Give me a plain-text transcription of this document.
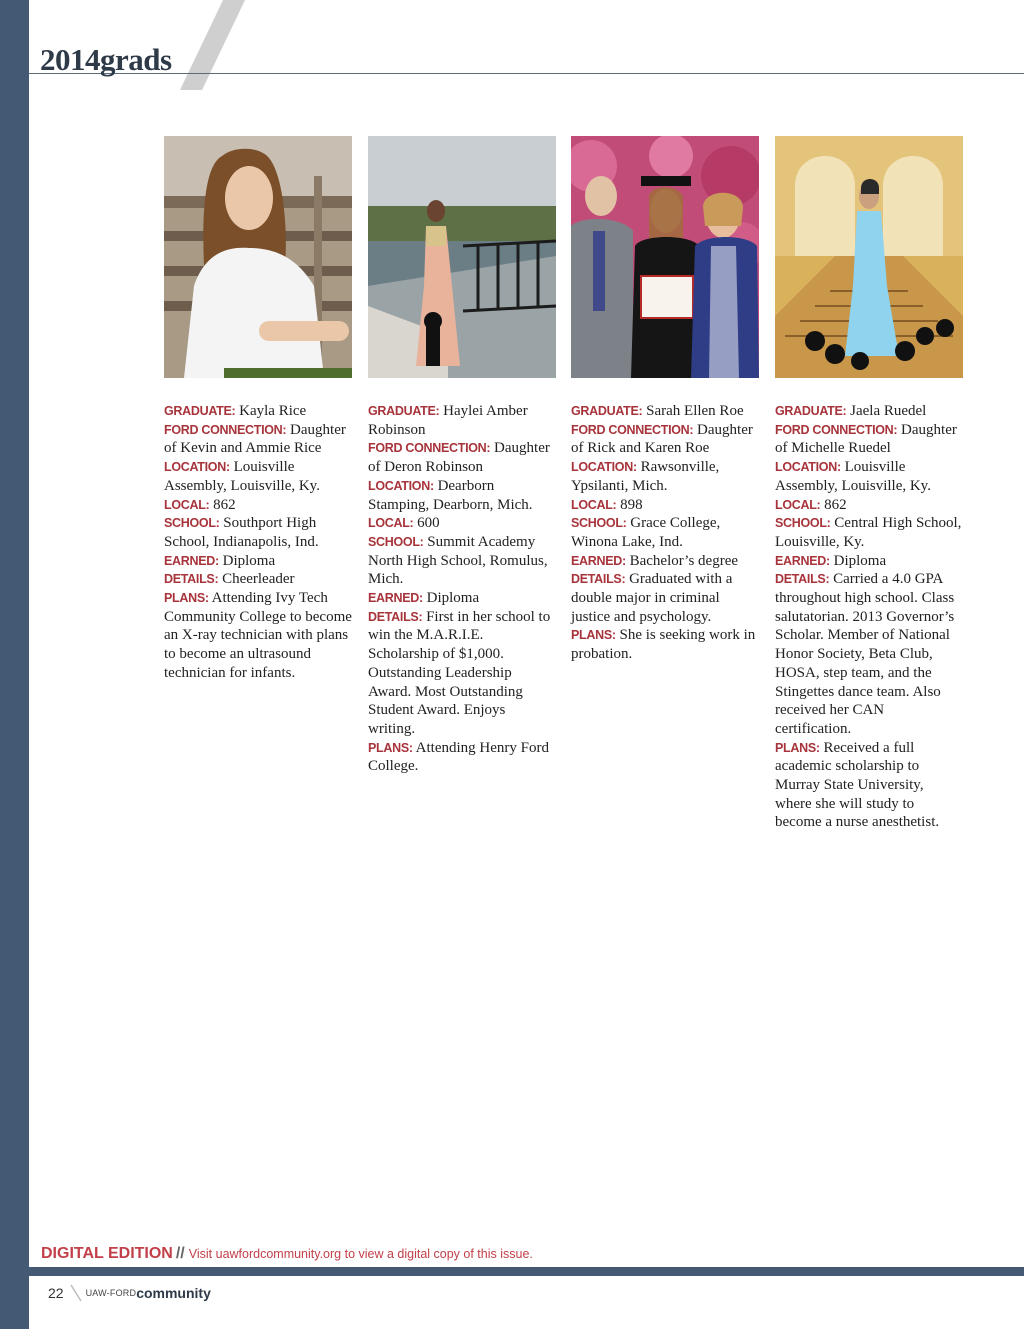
2014grads

GRADUATE: Kayla Rice

FORD CONNECTION: Daughter of Kevin and Ammie Rice

LOCATION: Louisville Assembly, Louisville, Ky.

LOCAL: 862

SCHOOL: Southport High School, Indianapolis, Ind.

EARNED: Diploma

DETAILS: Cheerleader

PLANS: Attending Ivy Tech Community College to become an X-ray technician with plans to become an ultrasound technician for infants.

GRADUATE: Haylei Amber Robinson

FORD CONNECTION: Daughter of Deron Robinson

LOCATION: Dearborn Stamping, Dearborn, Mich.

LOCAL: 600

SCHOOL: Summit Academy North High School, Romulus, Mich.

EARNED: Diploma

DETAILS: First in her school to win the M.A.R.I.E. Scholarship of $1,000. Outstanding Leadership Award. Most Outstanding Student Award. Enjoys writing.

PLANS: Attending Henry Ford College.

GRADUATE: Sarah Ellen Roe

FORD CONNECTION: Daughter of Rick and Karen Roe

LOCATION: Rawsonville, Ypsilanti, Mich.

LOCAL: 898

SCHOOL: Grace College, Winona Lake, Ind.

EARNED: Bachelor’s degree

DETAILS: Graduated with a double major in criminal justice and psychology.

PLANS: She is seeking work in probation.

GRADUATE: Jaela Ruedel

FORD CONNECTION: Daughter of Michelle Ruedel

LOCATION: Louisville Assembly, Louisville, Ky.

LOCAL: 862

SCHOOL: Central High School, Louisville, Ky.

EARNED: Diploma

DETAILS: Carried a 4.0 GPA throughout high school. Class salutatorian. 2013 Governor’s Scholar. Member of National Honor Society, Beta Club, HOSA, step team, and the Stingettes dance team. Also received her CAN certification.

PLANS: Received a full academic scholarship to Murray State University, where she will study to become a nurse anesthetist.

DIGITAL EDITION // Visit uawfordcommunity.org to view a digital copy of this issue.

22 UAW-FORD community
